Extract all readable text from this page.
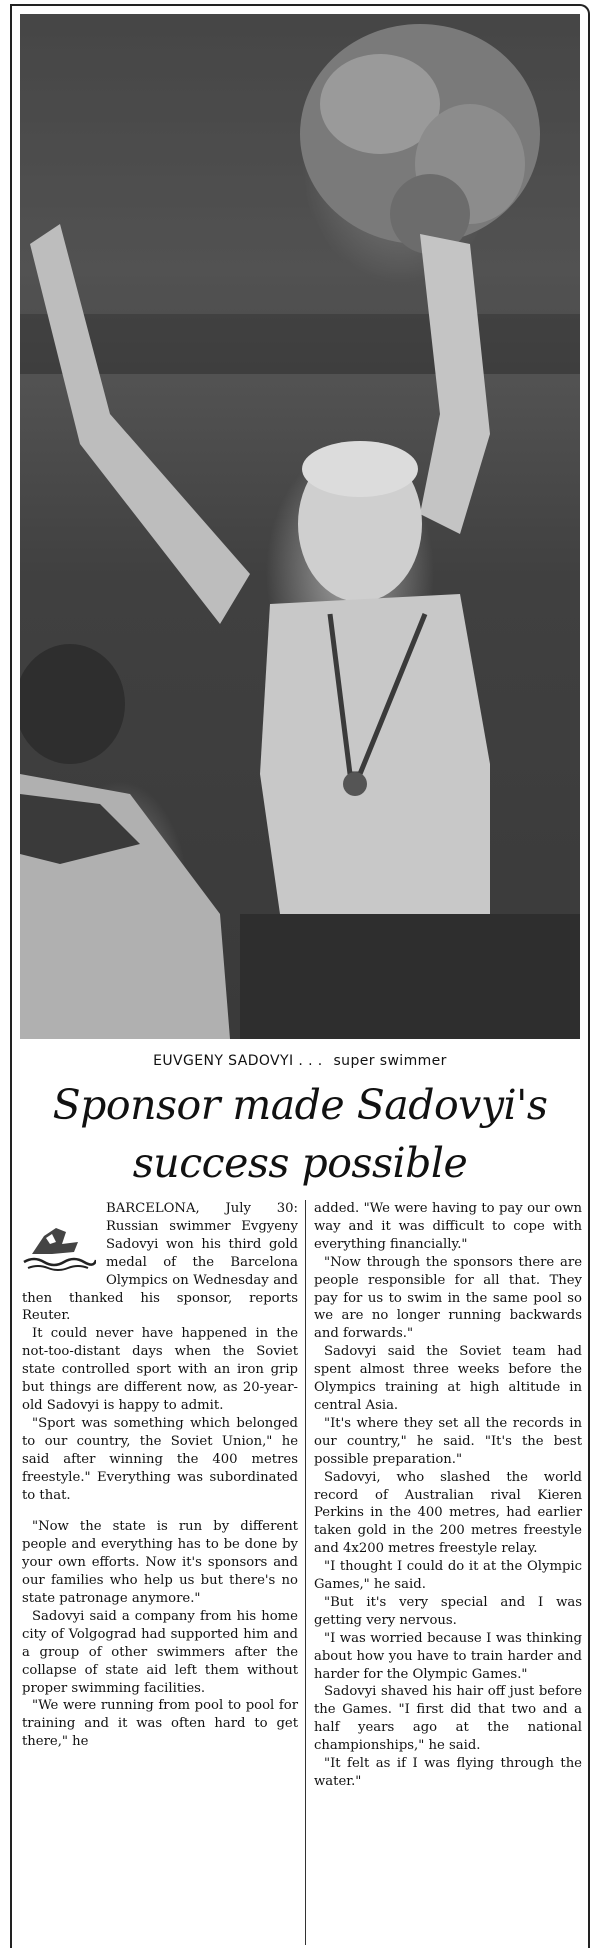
EUVGENY SADOVYI . . . super swimmer
Sponsor made Sadovyi's
success possible

BARCELONA, July 30: Russian swimmer Evgyeny Sadovyi won his third gold medal of the Barcelona Olympics on Wednesday and then thanked his sponsor, reports Reuter.

It could never have happened in the not-too-distant days when the Soviet state controlled sport with an iron grip but things are different now, as 20-year-old Sadovyi is happy to admit.

"Sport was something which belonged to our country, the Soviet Union," he said after winning the 400 metres freestyle." Everything was subordinated to that.

"Now the state is run by different people and everything has to be done by your own efforts. Now it's sponsors and our families who help us but there's no state patronage anymore."

Sadovyi said a company from his home city of Volgograd had supported him and a group of other swimmers after the collapse of state aid left them without proper swimming facilities.

"We were running from pool to pool for training and it was often hard to get there," he

added. "We were having to pay our own way and it was difficult to cope with everything financially."

"Now through the sponsors there are people responsible for all that. They pay for us to swim in the same pool so we are no longer running backwards and forwards."

Sadovyi said the Soviet team had spent almost three weeks before the Olympics training at high altitude in central Asia.

"It's where they set all the records in our country," he said. "It's the best possible preparation."

Sadovyi, who slashed the world record of Australian rival Kieren Perkins in the 400 metres, had earlier taken gold in the 200 metres freestyle and 4x200 metres freestyle relay.

"I thought I could do it at the Olympic Games," he said.

"But it's very special and I was getting very nervous.

"I was worried because I was thinking about how you have to train harder and harder for the Olympic Games."

Sadovyi shaved his hair off just before the Games. "I first did that two and a half years ago at the national championships," he said.

"It felt as if I was flying through the water."
